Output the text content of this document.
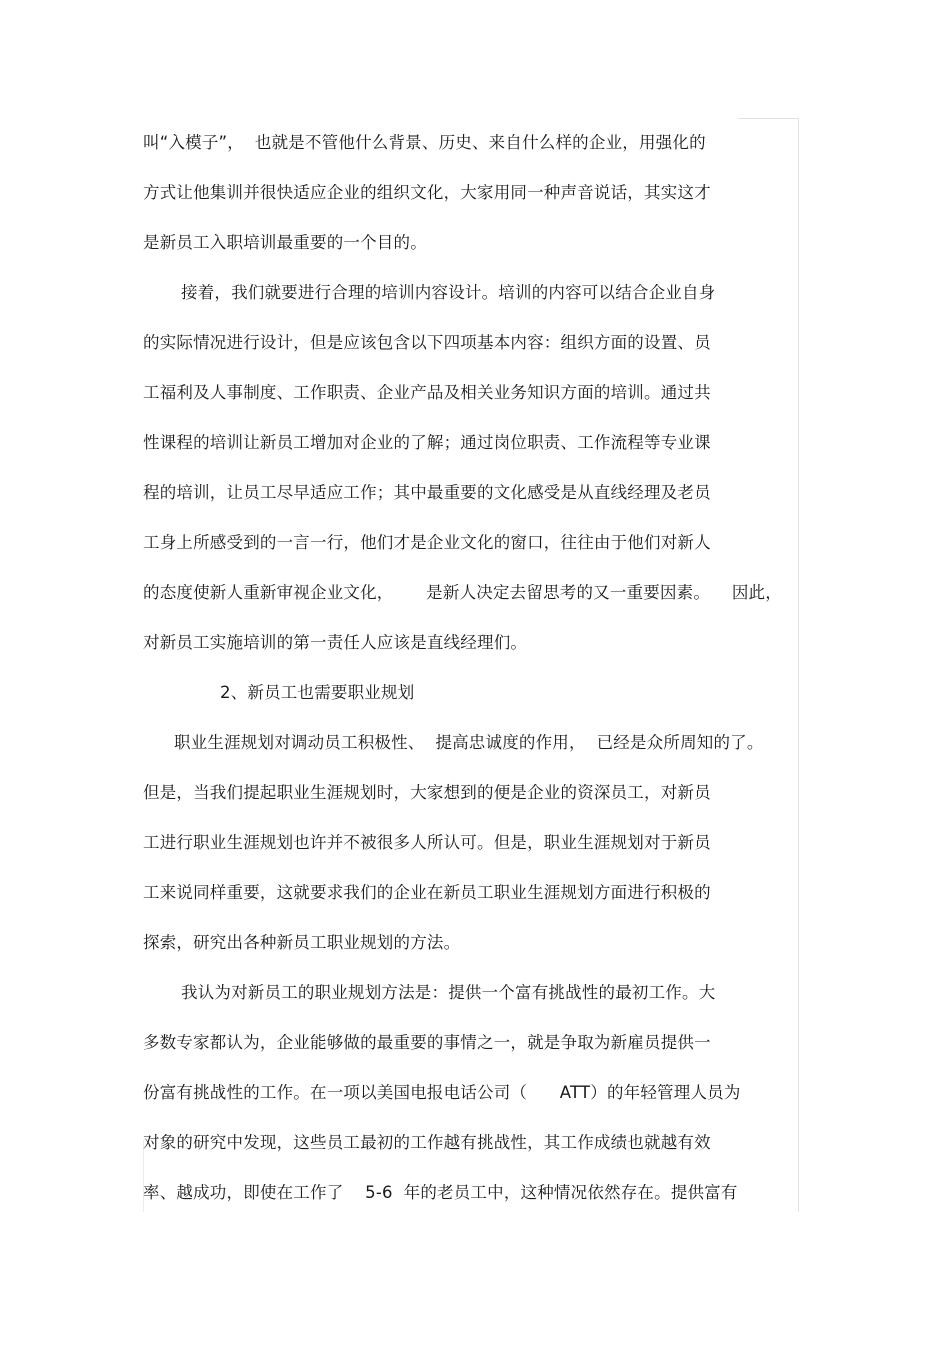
叫“入模子”，  也就是不管他什么背景、历史、来自什么样的企业，用强化的
方式让他集训并很快适应企业的组织文化，大家用同一种声音说话，其实这才
是新员工入职培训最重要的一个目的。
接着，我们就要进行合理的培训内容设计。培训的内容可以结合企业自身
的实际情况进行设计，但是应该包含以下四项基本内容：组织方面的设置、员
工福利及人事制度、工作职责、企业产品及相关业务知识方面的培训。通过共
性课程的培训让新员工增加对企业的了解；通过岗位职责、工作流程等专业课
程的培训，让员工尽早适应工作；其中最重要的文化感受是从直线经理及老员
工身上所感受到的一言一行，他们才是企业文化的窗口，往往由于他们对新人
的态度使新人重新审视企业文化，      是新人决定去留思考的又一重要因素。    因此，
对新员工实施培训的第一责任人应该是直线经理们。
2、新员工也需要职业规划
职业生涯规划对调动员工积极性、  提高忠诚度的作用，  已经是众所周知的了。
但是，当我们提起职业生涯规划时，大家想到的便是企业的资深员工，对新员
工进行职业生涯规划也许并不被很多人所认可。但是，职业生涯规划对于新员
工来说同样重要，这就要求我们的企业在新员工职业生涯规划方面进行积极的
探索，研究出各种新员工职业规划的方法。
我认为对新员工的职业规划方法是：提供一个富有挑战性的最初工作。大
多数专家都认为，企业能够做的最重要的事情之一，就是争取为新雇员提供一
份富有挑战性的工作。在一项以美国电报电话公司（      ATT）的年轻管理人员为
对象的研究中发现，这些员工最初的工作越有挑战性，其工作成绩也就越有效
率、越成功，即使在工作了    5-6  年的老员工中，这种情况依然存在。提供富有
